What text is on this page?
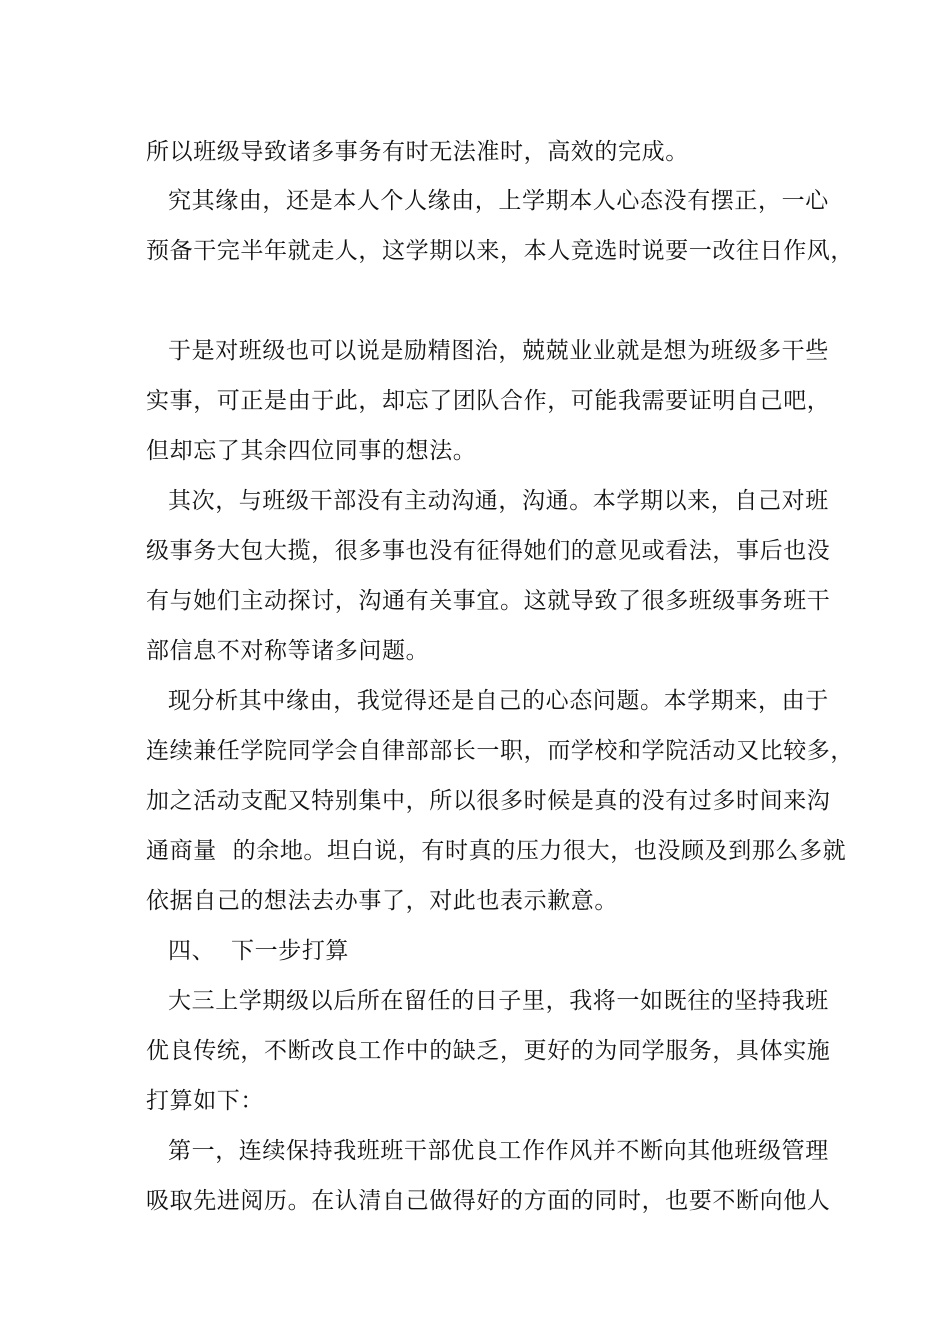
所以班级导致诸多事务有时无法准时，高效的完成。
究其缘由，还是本人个人缘由，上学期本人心态没有摆正，一心
预备干完半年就走人，这学期以来，本人竞选时说要一改往日作风，
于是对班级也可以说是励精图治，兢兢业业就是想为班级多干些
实事，可正是由于此，却忘了团队合作，可能我需要证明自己吧，
但却忘了其余四位同事的想法。
其次，与班级干部没有主动沟通，沟通。本学期以来，自己对班
级事务大包大揽，很多事也没有征得她们的意见或看法，事后也没
有与她们主动探讨，沟通有关事宜。这就导致了很多班级事务班干
部信息不对称等诸多问题。
现分析其中缘由，我觉得还是自己的心态问题。本学期来，由于
连续兼任学院同学会自律部部长一职，而学校和学院活动又比较多，
加之活动支配又特别集中，所以很多时候是真的没有过多时间来沟
通商量  的余地。坦白说，有时真的压力很大，也没顾及到那么多就
依据自己的想法去办事了，对此也表示歉意。
四、  下一步打算
大三上学期级以后所在留任的日子里，我将一如既往的坚持我班
优良传统，不断改良工作中的缺乏，更好的为同学服务，具体实施
打算如下：
第一，连续保持我班班干部优良工作作风并不断向其他班级管理
吸取先进阅历。在认清自己做得好的方面的同时，也要不断向他人
